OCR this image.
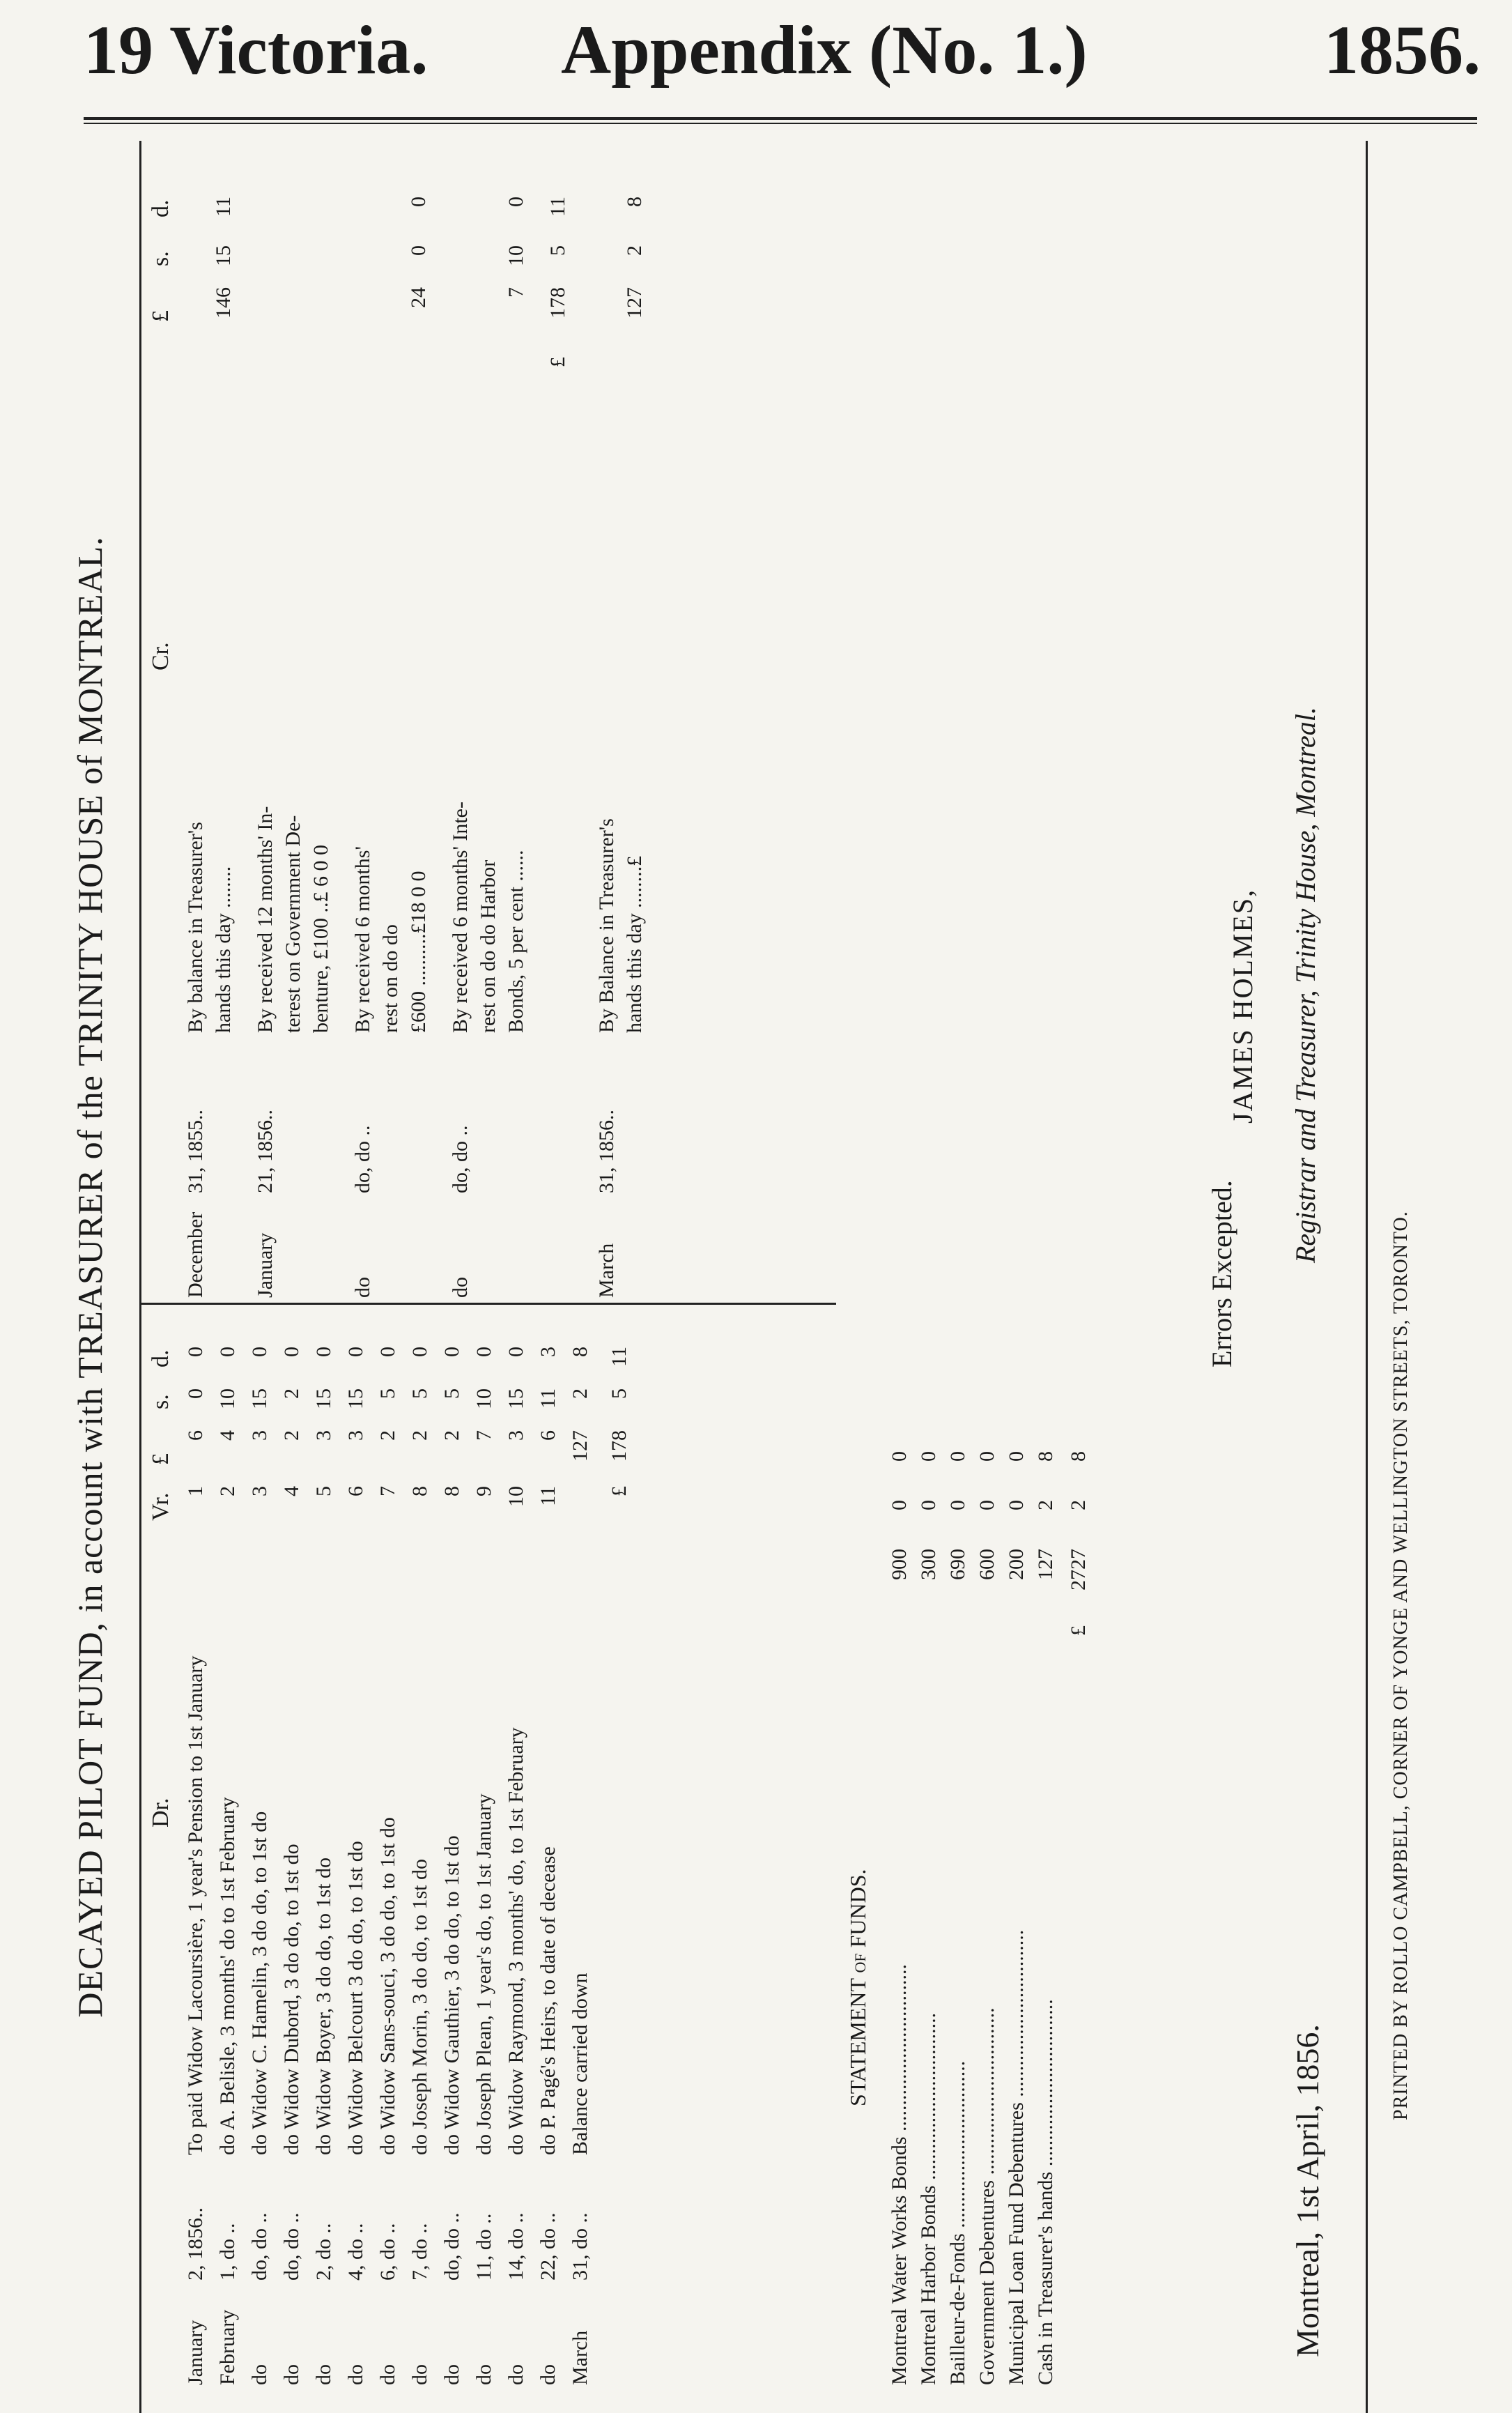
19 Victoria. Appendix (No. 1.)	1856.
DECAYED PILOT FUND, in account with TREASURER of the TRINITY HOUSE of MONTREAL. Dr.
Vr.
£
s.
d.
January
2, 1856..
To paid Widow Lacoursière, 1 year's Pension to 1st January
1
6
0
0
February
1, do ..
do A. Belisle, 3 months' do to 1st February
2
4
10
0
do
do, do ..
do Widow C. Hamelin, 3 do do, to 1st do
3
3
15
0
do
do, do ..
do Widow Dubord, 3 do do, to 1st do
4
2
2
0
do
2, do ..
do Widow Boyer, 3 do do, to 1st do
5
3
15
0
do
4, do ..
do Widow Belcourt 3 do do, to 1st do
6
3
15
0
do
6, do ..
do Widow Sans-souci, 3 do do, to 1st do
7
2
5
0
do
7, do ..
do Joseph Morin, 3 do do, to 1st do
8
2
5
0
do
do, do ..
do Widow Gauthier, 3 do do, to 1st do
8
2
5
0
do
11, do ..
do Joseph Plean, 1 year's do, to 1st January
9
7
10
0
do
14, do ..
do Widow Raymond, 3 months' do, to 1st February
10
3
15
0
do
22, do ..
do P. Pagé's Heirs, to date of decease
11
6
11
3
March
31, do ..
Balance carried down
127
2
8
£
178
5
11
Cr.
£
s.
d.
December
31, 1855..
By balance in Treasurer's hands this day ........
146
15
11
January
21, 1856..
By received 12 months' In- terest on Government De- benture, £100 ..£ 6 0 0
do
do, do ..
By received 6 months' rest on do do £600 ..........£18 0 0
24
0
0
do
do, do ..
By received 6 months' Inte- rest on do do Harbor Bonds, 5 per cent ......
7
10
0
£
178
5
11
March
31, 1856..
By Balance in Treasurer's hands this day ........£
127
2
8
STATEMENT of FUNDS. Montreal Water Works Bonds ................................
900
0
0
Montreal Harbor Bonds ................................
300
0
0
Bailleur-de-Fonds ................................
690
0
0
Government Debentures ................................
600
0
0
Municipal Loan Fund Debentures ................................
200
0
0
Cash in Treasurer's hands ................................
127
2
8
£
2727
2
8
Errors Excepted.
Montreal, 1st April, 1856.
JAMES HOLMES, Registrar and Treasurer, Trinity House, Montreal.
PRINTED BY ROLLO CAMPBELL, CORNER OF YONGE AND WELLINGTON STREETS, TORONTO.
